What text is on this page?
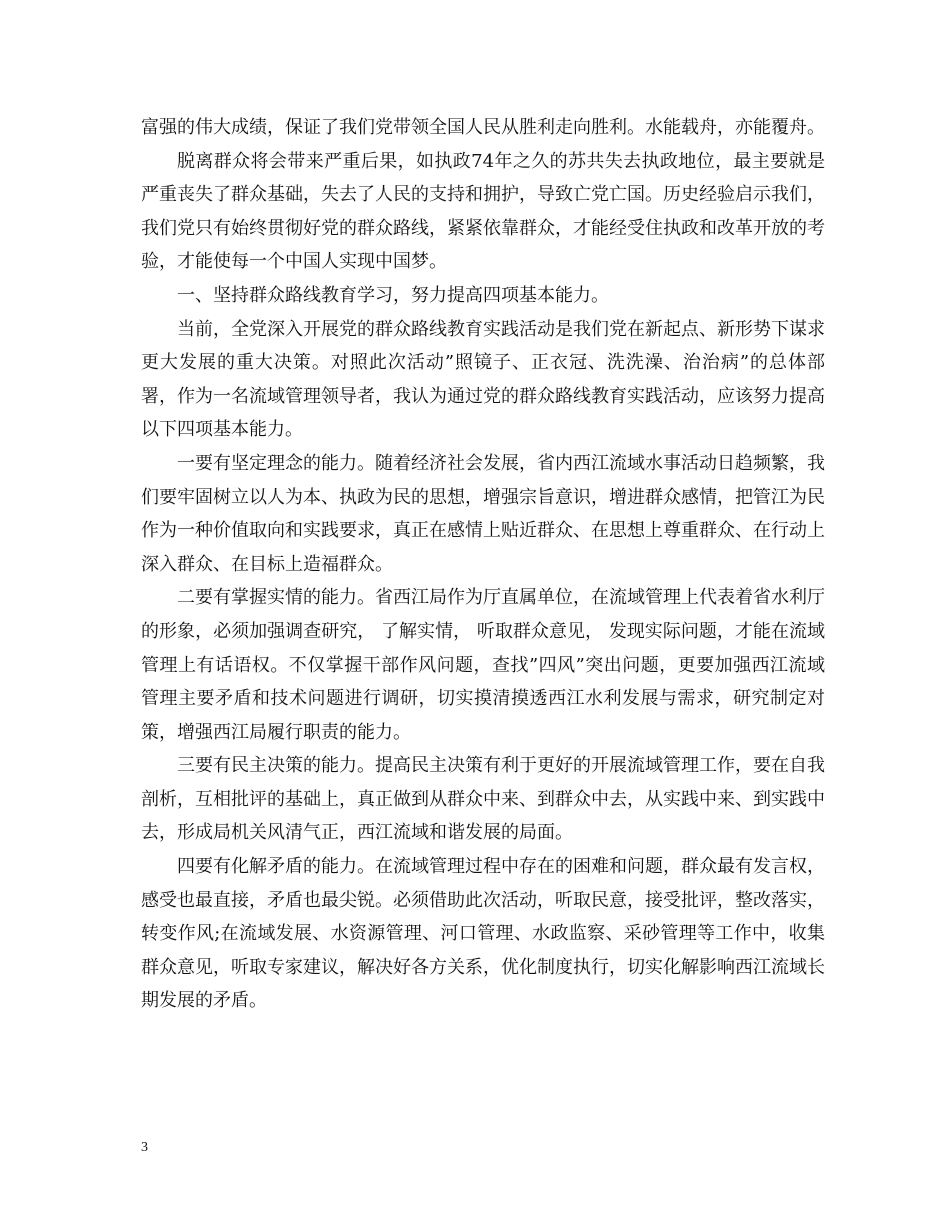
富强的伟大成绩，保证了我们党带领全国人民从胜利走向胜利。水能载舟，亦能覆舟。

脱离群众将会带来严重后果，如执政74年之久的苏共失去执政地位，最主要就是严重丧失了群众基础，失去了人民的支持和拥护，导致亡党亡国。历史经验启示我们，我们党只有始终贯彻好党的群众路线，紧紧依靠群众，才能经受住执政和改革开放的考验，才能使每一个中国人实现中国梦。

一、坚持群众路线教育学习，努力提高四项基本能力。

当前，全党深入开展党的群众路线教育实践活动是我们党在新起点、新形势下谋求更大发展的重大决策。对照此次活动”照镜子、正衣冠、洗洗澡、治治病”的总体部署，作为一名流域管理领导者，我认为通过党的群众路线教育实践活动，应该努力提高以下四项基本能力。

一要有坚定理念的能力。随着经济社会发展，省内西江流域水事活动日趋频繁，我们要牢固树立以人为本、执政为民的思想，增强宗旨意识，增进群众感情，把管江为民作为一种价值取向和实践要求，真正在感情上贴近群众、在思想上尊重群众、在行动上深入群众、在目标上造福群众。

二要有掌握实情的能力。省西江局作为厅直属单位，在流域管理上代表着省水利厅的形象，必须加强调查研究， 了解实情， 听取群众意见， 发现实际问题，才能在流域管理上有话语权。不仅掌握干部作风问题，查找”四风”突出问题，更要加强西江流域管理主要矛盾和技术问题进行调研，切实摸清摸透西江水利发展与需求，研究制定对策，增强西江局履行职责的能力。

三要有民主决策的能力。提高民主决策有利于更好的开展流域管理工作，要在自我剖析，互相批评的基础上，真正做到从群众中来、到群众中去，从实践中来、到实践中去，形成局机关风清气正，西江流域和谐发展的局面。

四要有化解矛盾的能力。在流域管理过程中存在的困难和问题，群众最有发言权，感受也最直接，矛盾也最尖锐。必须借助此次活动，听取民意，接受批评，整改落实，转变作风;在流域发展、水资源管理、河口管理、水政监察、采砂管理等工作中，收集群众意见，听取专家建议，解决好各方关系，优化制度执行，切实化解影响西江流域长期发展的矛盾。

3
